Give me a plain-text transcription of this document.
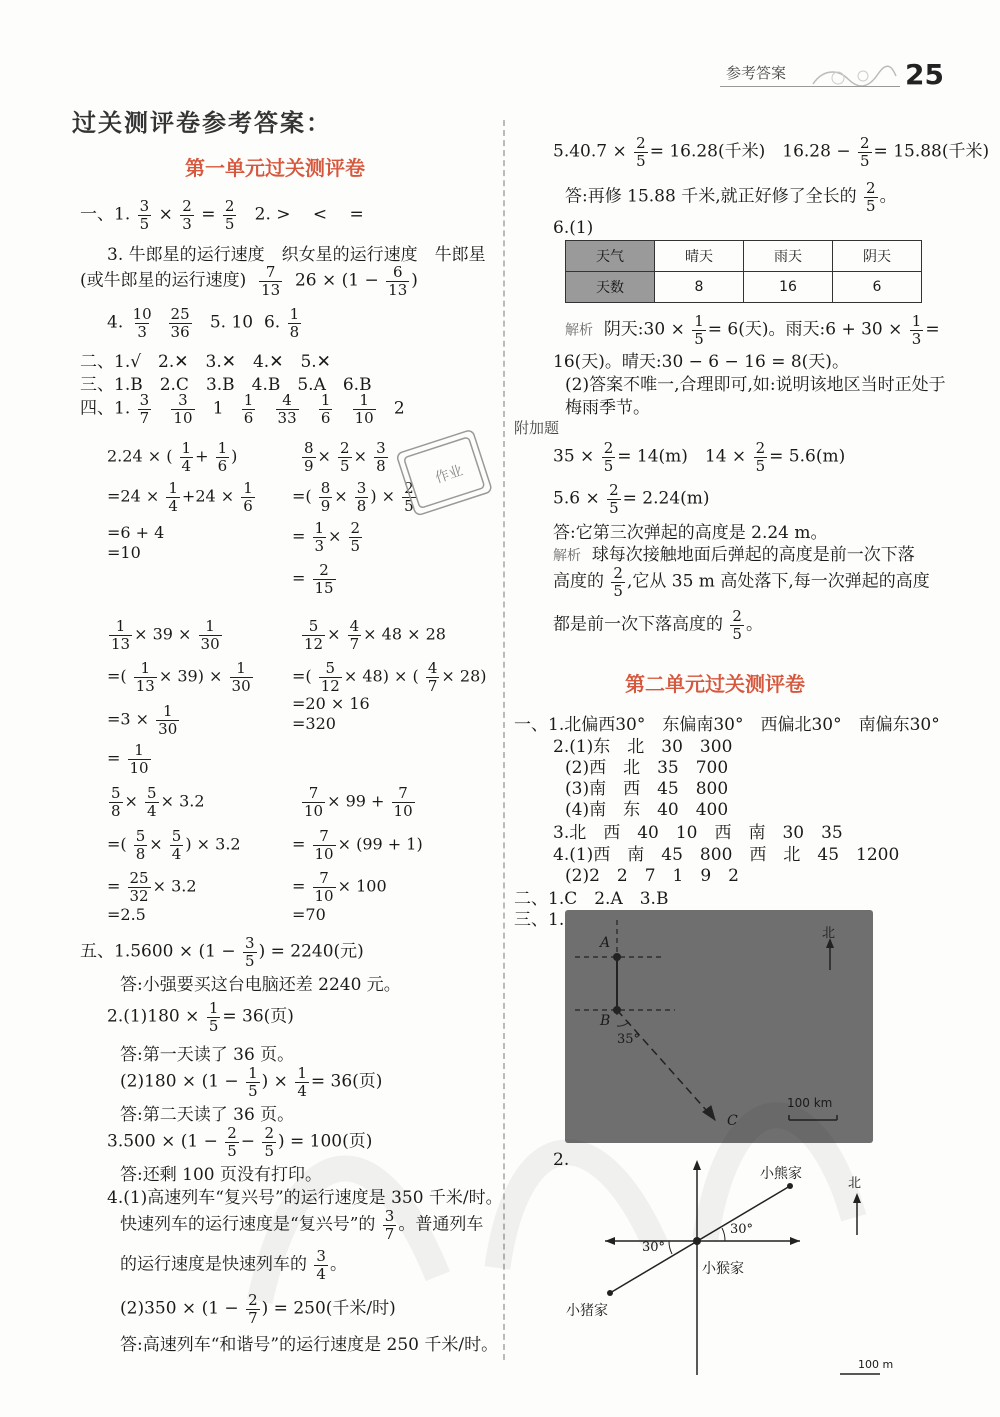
参考答案	25
过关测评卷参考答案：
第一单元过关测评卷
一、1. $\frac{3}{5} \times \frac{2}{3} = \frac{2}{5} 2$. >　 <　 =
3. 牛郎星的运行速度　织女星的运行速度　牛郎星
(或牛郎星的运行速度) $\frac{7}{13} 26 \times (1 - \frac{6}{13}$ )
4. $\frac{10}{3}$
$\frac{25}{36} 5$. 10 6. $\frac{1}{8}$
二、1.√　2.✕　3.✕　4.✕　5.✕
三、1.B　2.C　3.B　4.B　5.A　6.B
四、1. $\frac{3}{7}$
$\frac{3}{10} 1 \frac{1}{6}$
$\frac{4}{33}$
$\frac{1}{6}$
$\frac{1}{10} 2$
2.24 × ( $\frac{1}{4} + \frac{1}{6}$ )
$=24 \times \frac{1}{4} +24 \times \frac{1}{6}$
=6 + 4
=10
$\frac{8}{9} \times \frac{2}{5} \times \frac{3}{8}$
=( $\frac{8}{9} \times \frac{3}{8}$ ) × $\frac{2}{5}$
= $\frac{1}{3} \times \frac{2}{5}$
= $\frac{2}{15}$
作业
$\frac{1}{13} \times 39 \times \frac{1}{30}$
=( $\frac{1}{13} \times 39) \times \frac{1}{30}$
$=3 \times \frac{1}{30}$
= $\frac{1}{10}$
$\frac{5}{12} \times \frac{4}{7} \times 48 \times 28$
=( $\frac{5}{12} \times 48$) × ( $\frac{4}{7} \times 28$)
=20 × 16
=320
$\frac{5}{8} \times \frac{5}{4} \times 3.2$
=( $\frac{5}{8} \times \frac{5}{4}$ ) × 3.2
= $\frac{25}{32} \times 3.2$
=2.5
$\frac{7}{10} \times 99 + \frac{7}{10}$
= $\frac{7}{10} \times (99 + 1)$
= $\frac{7}{10} \times 100$
=70
五、$1.5600 \times (1 - \frac{3}{5}$ ) = 2240(元)
答:小强要买这台电脑还差 2240 元。
$2.(1)180 \times \frac{1}{5} = 36$(页)
答:第一天读了 36 页。
$(2)180 \times (1 - \frac{1}{5}$ ) × $\frac{1}{4} = 36$(页)
答:第二天读了 36 页。
$3.500 \times (1 - \frac{2}{5} - \frac{2}{5}$ ) = 100(页)
答:还剩 100 页没有打印。
4.(1)高速列车“复兴号”的运行速度是 350 千米/时。
快速列车的运行速度是“复兴号”的 $\frac{3}{7}$ 。普通列车
的运行速度是快速列车的 $\frac{3}{4}$ 。
$(2)350 \times (1 - \frac{2}{7}$ ) = 250(千米/时)
答:高速列车“和谐号”的运行速度是 250 千米/时。
$5.40.7 \times \frac{2}{5} = 16.28$(千米)　$16.28 - \frac{2}{5} = 15.88$(千米)
答:再修 15.88 千米,就正好修了全长的 $\frac{2}{5}$ 。
6.(1)
天气	晴天	雨天	阴天
天数	8	16	6
解析 阴天:30 × $\frac{1}{5} = 6$(天)。雨天:6 + $30 \times \frac{1}{3}$ =
16(天)。晴天:30 − 6 − 16 = 8(天)。
(2)答案不唯一,合理即可,如:说明该地区当时正处于
梅雨季节。
附加题
$35 \times \frac{2}{5} = 14(m)$　$14 \times \frac{2}{5} = 5.6(m)$
$5.6 \times \frac{2}{5} = 2.24(m)$
答:它第三次弹起的高度是 2.24 m。
解析 球每次接触地面后弹起的高度是前一次下落
高度的 $\frac{2}{5}$ ,它从 35 m 高处落下,每一次弹起的高度
都是前一次下落高度的 $\frac{2}{5}$ 。
第二单元过关测评卷
一、1.北偏西30°　东偏南30°　西偏北30°　南偏东30°
2.(1)东　北　30　300
(2)西　北　35　700
(3)南　西　45　800
(4)南　东　40　400
3.北　西　40　10　西　南　30　35
4.(1)西　南　45　800　西　北　45　1200
(2)2　2　7　1　9　2
二、1.C　2.A　3.B
三、1.
A
B
35°
C
100 km
北
2.
小熊家
小猴家
小猪家
30°
30°
北
100 m
